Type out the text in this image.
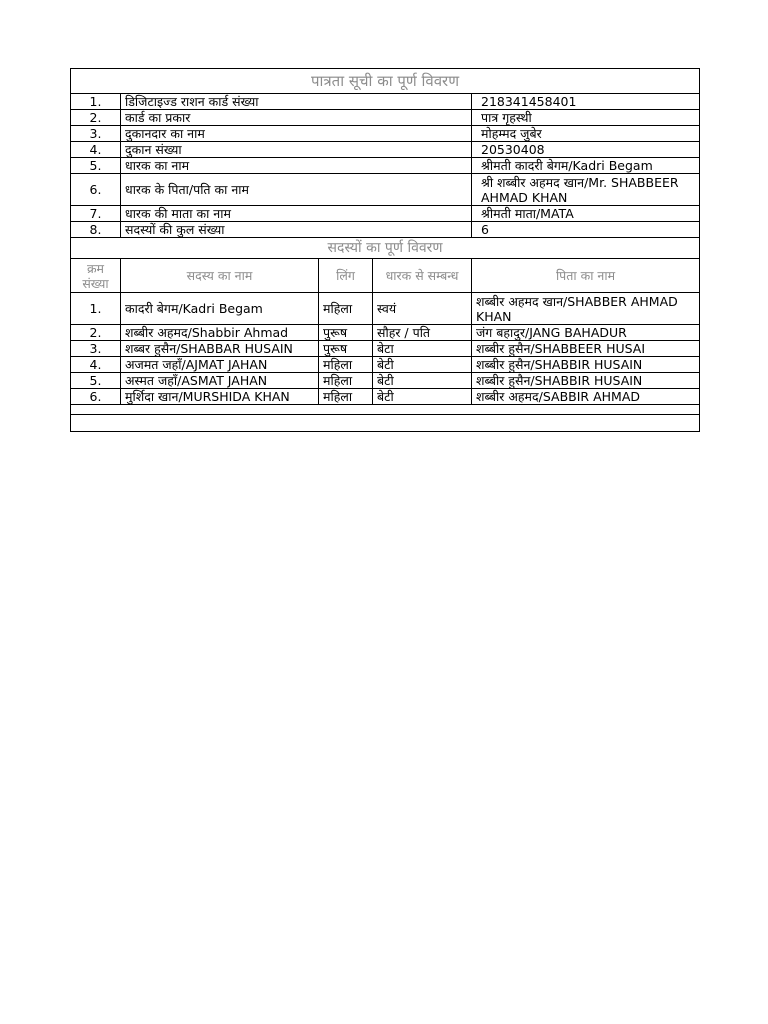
पात्रता सूची का पूर्ण विवरण				
1.	डिजिटाइज्ड राशन कार्ड संख्या			218341458401
2.	कार्ड का प्रकार			पात्र गृहस्थी
3.	दुकानदार का नाम			मोहम्मद जुबेर
4.	दुकान संख्या			20530408
5.	धारक का नाम			श्रीमती कादरी बेगम/Kadri Begam
6.	धारक के पिता/पति का नाम			श्री शब्बीर अहमद खान/Mr. SHABBEER AHMAD KHAN
7.	धारक की माता का नाम			श्रीमती माता/MATA
8.	सदस्यों की कुल संख्या			6
सदस्यों का पूर्ण विवरण				
क्रम संख्या	सदस्य का नाम	लिंग	धारक से सम्बन्ध	पिता का नाम
1.	कादरी बेगम/Kadri Begam	महिला	स्वयं	शब्बीर अहमद खान/SHABBER AHMAD KHAN
2.	शब्बीर अहमद/Shabbir Ahmad	पुरूष	सौहर / पति	जंग बहादुर/JANG BAHADUR
3.	शब्बर हुसैन/SHABBAR HUSAIN	पुरूष	बेटा	शब्बीर हुसैन/SHABBEER HUSAI
4.	अजमत जहाँ/AJMAT JAHAN	महिला	बेटी	शब्बीर हुसैन/SHABBIR HUSAIN
5.	अस्मत जहाँ/ASMAT JAHAN	महिला	बेटी	शब्बीर हुसैन/SHABBIR HUSAIN
6.	मुर्शिदा खान/MURSHIDA KHAN	महिला	बेटी	शब्बीर अहमद/SABBIR AHMAD
